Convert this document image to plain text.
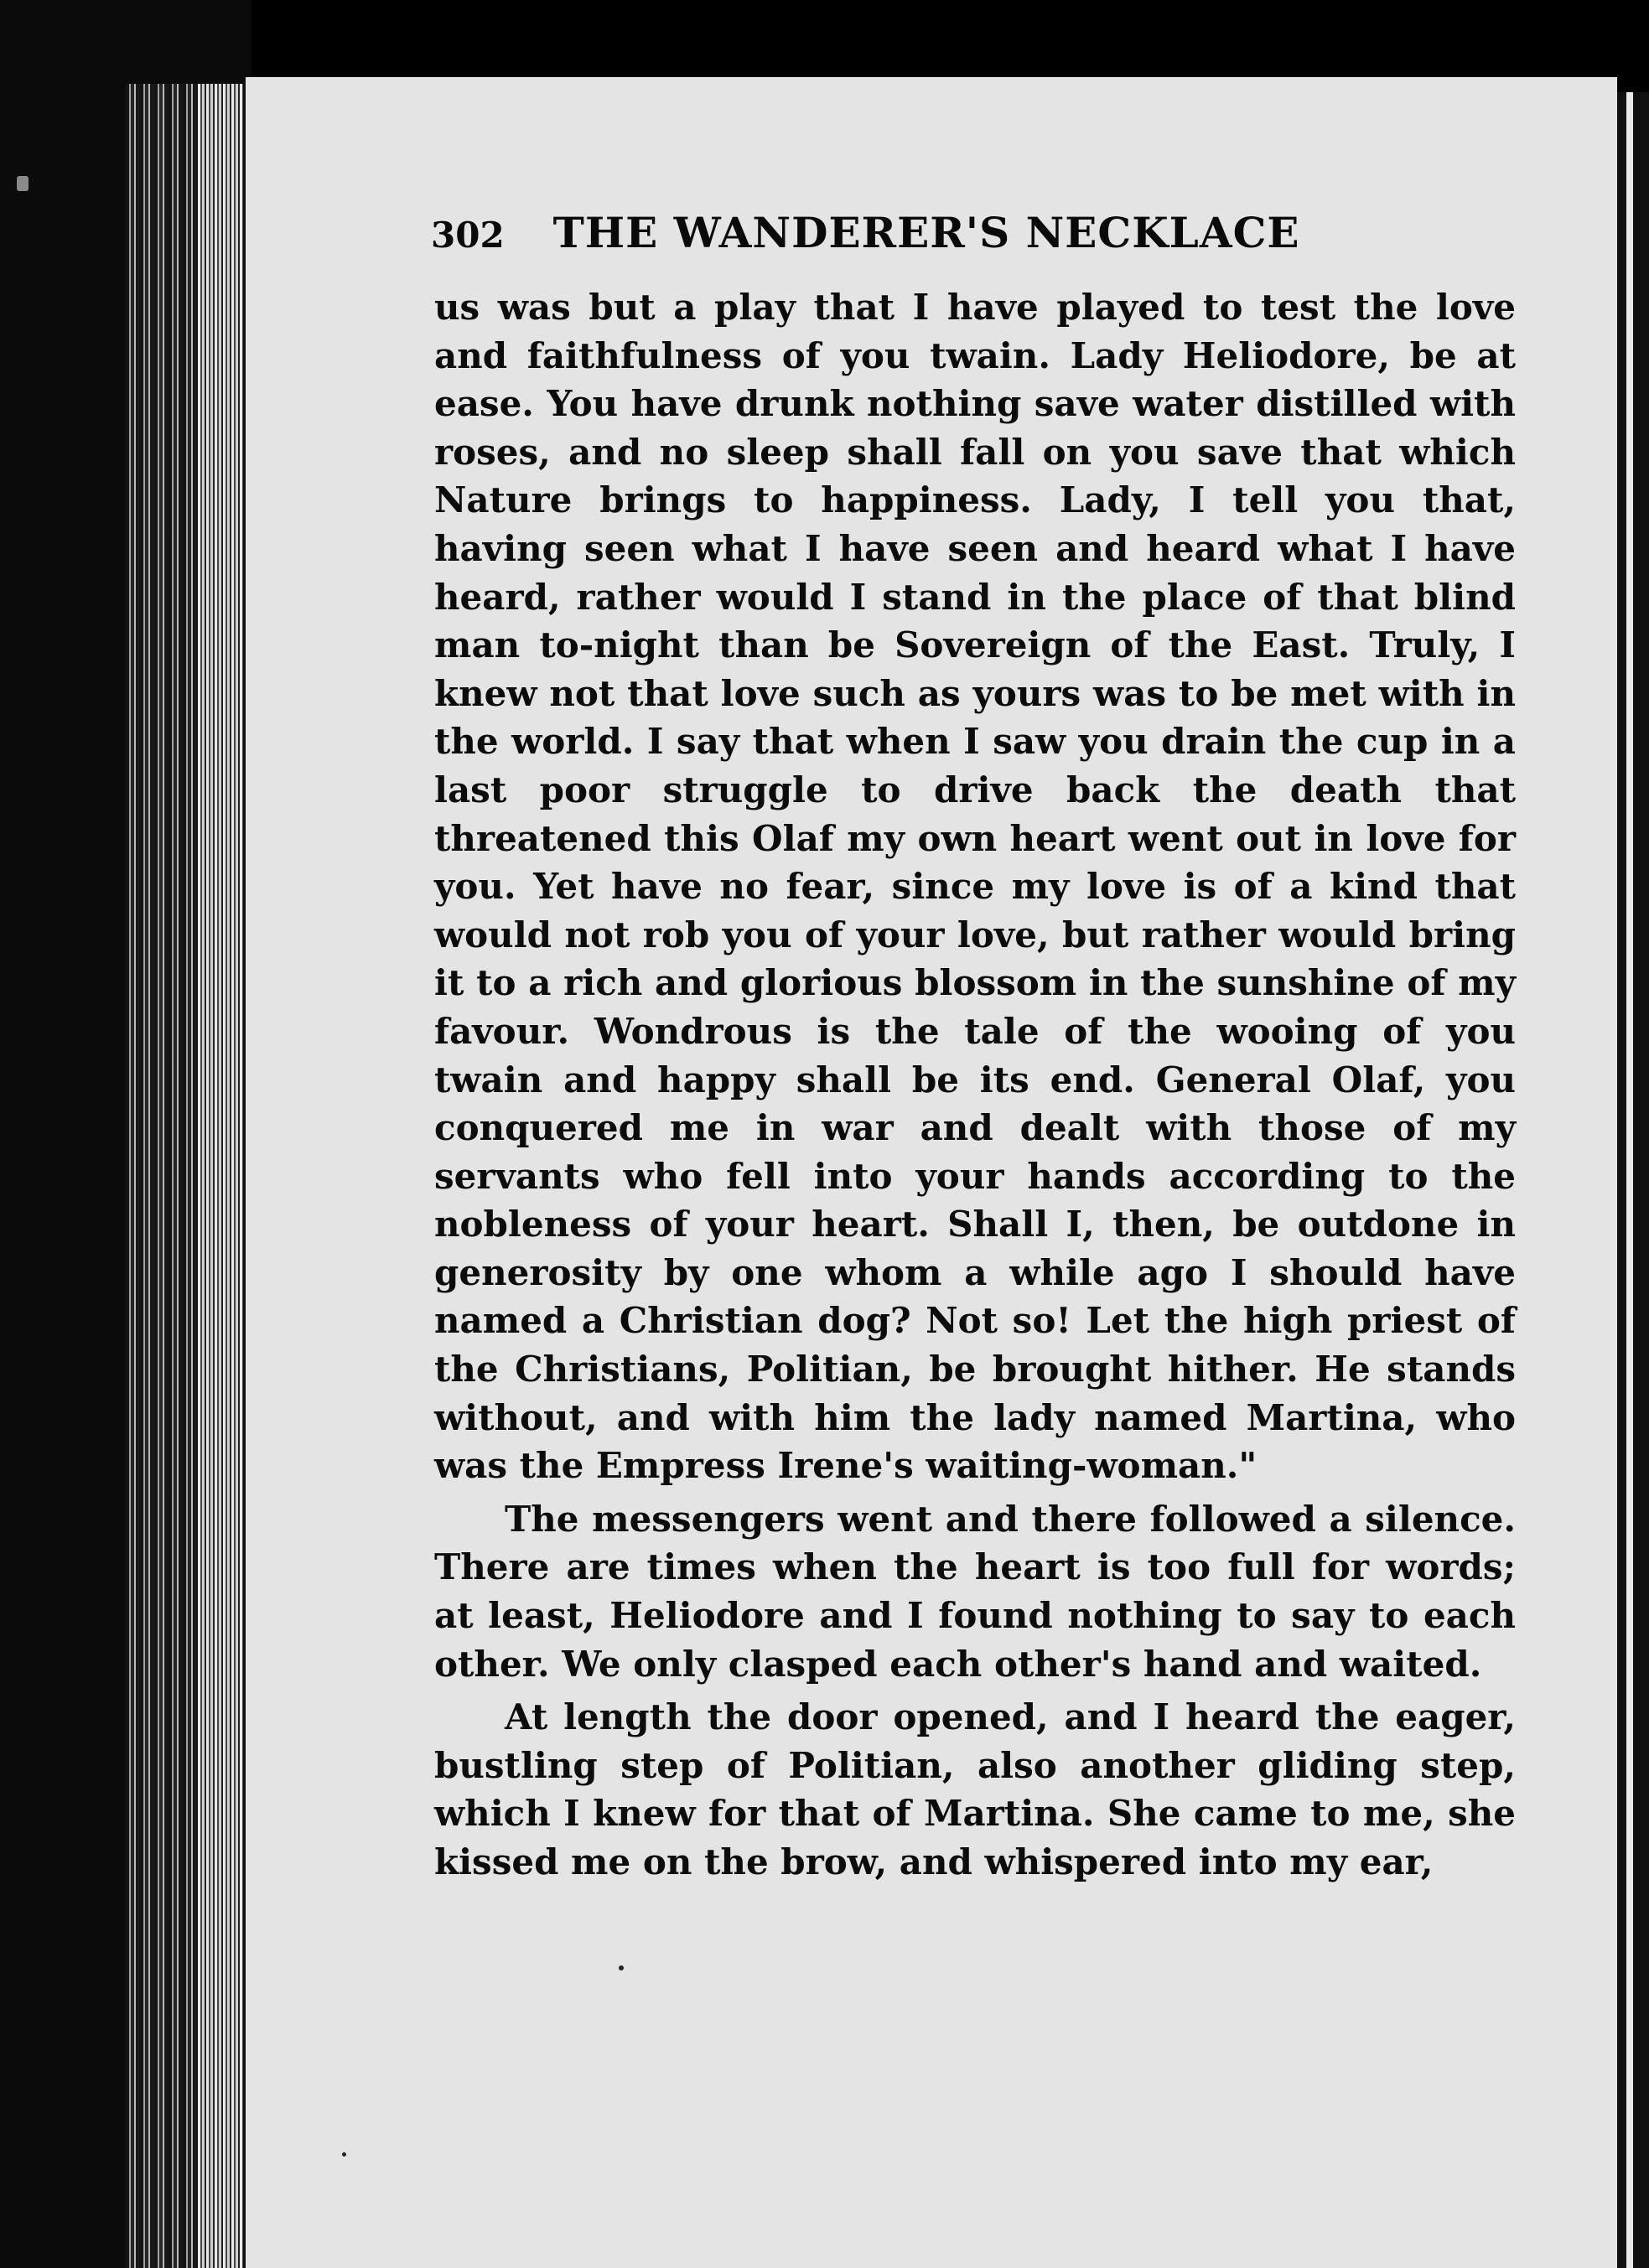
302 THE WANDERER'S NECKLACE

us was but a play that I have played to test the love and faithfulness of you twain. Lady Heliodore, be at ease. You have drunk nothing save water distilled with roses, and no sleep shall fall on you save that which Nature brings to happiness. Lady, I tell you that, having seen what I have seen and heard what I have heard, rather would I stand in the place of that blind man to-night than be Sovereign of the East. Truly, I knew not that love such as yours was to be met with in the world. I say that when I saw you drain the cup in a last poor struggle to drive back the death that threatened this Olaf my own heart went out in love for you. Yet have no fear, since my love is of a kind that would not rob you of your love, but rather would bring it to a rich and glorious blossom in the sunshine of my favour. Wondrous is the tale of the wooing of you twain and happy shall be its end. General Olaf, you conquered me in war and dealt with those of my servants who fell into your hands according to the nobleness of your heart. Shall I, then, be outdone in generosity by one whom a while ago I should have named a Christian dog? Not so! Let the high priest of the Christians, Politian, be brought hither. He stands without, and with him the lady named Martina, who was the Empress Irene's waiting-woman."

The messengers went and there followed a silence. There are times when the heart is too full for words; at least, Heliodore and I found nothing to say to each other. We only clasped each other's hand and waited.

At length the door opened, and I heard the eager, bustling step of Politian, also another gliding step, which I knew for that of Martina. She came to me, she kissed me on the brow, and whispered into my ear,
